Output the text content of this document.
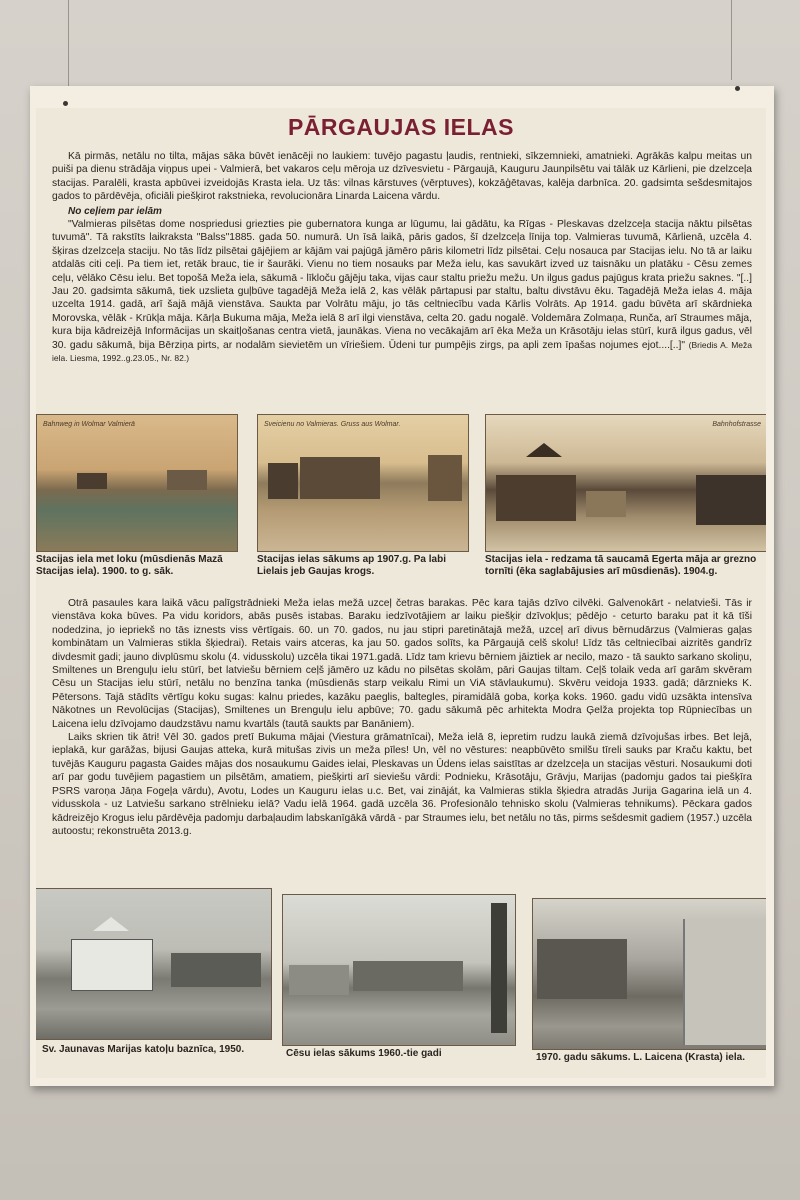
PĀRGAUJAS IELAS

Kā pirmās, netālu no tilta, mājas sāka būvēt ienācēji no laukiem: tuvējo pagastu ļaudis, rentnieki, sīkzemnieki, amatnieki. Agrākās kalpu meitas un puiši pa dienu strādāja viņpus upei - Valmierā, bet vakaros ceļu mēroja uz dzīvesvietu - Pārgaujā, Kauguru Jaunpilsētu vai tālāk uz Kārlieni, pie dzelzceļa stacijas. Paralēli, krasta apbūvei izveidojās Krasta iela. Uz tās: vilnas kārstuves (vērptuves), kokzāģētavas, kalēja darbnīca. 20. gadsimta sešdesmitajos gados to pārdēvēja, oficiāli piešķirot rakstnieka, revolucionāra Linarda Laicena vārdu.

No ceļiem par ielām

"Valmieras pilsētas dome nospriedusi griezties pie gubernatora kunga ar lūgumu, lai gādātu, ka Rīgas - Pleskavas dzelzceļa stacija nāktu pilsētas tuvumā". Tā rakstīts laikraksta "Balss"1885. gada 50. numurā. Un īsā laikā, pāris gados, šī dzelzceļa līnija top. Valmieras tuvumā, Kārlienā, uzcēla 4. šķiras dzelzceļa staciju. No tās līdz pilsētai gājējiem ar kājām vai pajūgā jāmēro pāris kilometri līdz pilsētai. Ceļu nosauca par Stacijas ielu. No tā ar laiku atdalās citi ceļi. Pa tiem iet, retāk brauc, tie ir šaurāki. Vienu no tiem nosauks par Meža ielu, kas savukārt izved uz taisnāku un platāku - Cēsu zemes ceļu, vēlāko Cēsu ielu. Bet topošā Meža iela, sākumā - līkloču gājēju taka, vijas caur staltu priežu mežu. Un ilgus gadus pajūgus krata priežu saknes. "[..] Jau 20. gadsimta sākumā, tiek uzslieta guļbūve tagadējā Meža ielā 2, kas vēlāk pārtapusi par staltu, baltu divstāvu ēku. Tagadējā Meža ielas 4. māja uzcelta 1914. gadā, arī šajā mājā vienstāva. Saukta par Volrātu māju, jo tās celtniecību vada Kārlis Volrāts. Ap 1914. gadu būvēta arī skārdnieka Morovska, vēlāk - Krūkļa māja. Kārļa Bukuma māja, Meža ielā 8 arī ilgi vienstāva, celta 20. gadu nogalē. Voldemāra Zolmaņa, Runča, arī Straumes māja, kura bija kādreizējā Informācijas un skaitļošanas centra vietā, jaunākas. Viena no vecākajām arī ēka Meža un Krāsotāju ielas stūrī, kurā ilgus gadus, vēl 30. gadu sākumā, bija Bērziņa pirts, ar nodalām sievietēm un vīriešiem. Ūdeni tur pumpējis zirgs, pa apli zem īpašas nojumes ejot....[..]" (Briedis A. Meža iela. Liesma, 1992..g.23.05., Nr. 82.)

Bahnweg in Wolmar Valmierā
Stacijas iela met loku (mūsdienās Mazā Stacijas iela). 1900. to g. sāk.
Sveicienu no Valmieras. Gruss aus Wolmar.
Stacijas ielas sākums ap 1907.g. Pa labi Lielais jeb Gaujas krogs.
Bahnhofstrasse
Stacijas iela - redzama tā saucamā Egerta māja ar grezno tornīti (ēka saglabājusies arī mūsdienās). 1904.g.

Otrā pasaules kara laikā vācu palīgstrādnieki Meža ielas mežā uzceļ četras barakas. Pēc kara tajās dzīvo cilvēki. Galvenokārt - nelatvieši. Tās ir vienstāva koka būves. Pa vidu koridors, abās pusēs istabas. Baraku iedzīvotājiem ar laiku piešķir dzīvokļus; pēdējo - ceturto baraku pat it kā tīši nodedzina, jo iepriekš no tās iznests viss vērtīgais. 60. un 70. gados, nu jau stipri paretinātajā mežā, uzceļ arī divus bērnudārzus (Valmieras gaļas kombinātam un Valmieras stikla šķiedrai). Retais vairs atceras, ka jau 50. gados solīts, ka Pārgaujā celš skolu! Līdz tās celtniecībai aizritēs gandrīz divdesmit gadi; jauno divplūsmu skolu (4. vidusskolu) uzcēla tikai 1971.gadā. Līdz tam krievu bērniem jāiztiek ar necilo, mazo - tā saukto sarkano skoliņu, Smiltenes un Brenguļu ielu stūrī, bet latviešu bērniem ceļš jāmēro uz kādu no pilsētas skolām, pāri Gaujas tiltam. Ceļš tolaik veda arī garām skvēram Cēsu un Stacijas ielu stūrī, netālu no benzīna tanka (mūsdienās starp veikalu Rimi un ViA stāvlaukumu). Skvēru veidoja 1933. gadā; dārznieks K. Pētersons. Tajā stādīts vērtīgu koku sugas: kalnu priedes, kazāku paeglis, baltegles, piramidālā goba, korķa koks. 1960. gadu vidū uzsākta intensīva Nākotnes un Revolūcijas (Stacijas), Smiltenes un Brenguļu ielu apbūve; 70. gadu sākumā pēc arhitekta Modra Ģelža projekta top Rūpniecības un Laicena ielu dzīvojamo daudzstāvu namu kvartāls (tautā saukts par Banāniem).

Laiks skrien tik ātri! Vēl 30. gados pretī Bukuma mājai (Viestura grāmatnīcai), Meža ielā 8, iepretim rudzu laukā ziemā dzīvojušas irbes. Bet lejā, ieplakā, kur garāžas, bijusi Gaujas atteka, kurā mitušas zivis un meža pīles! Un, vēl no vēstures: neapbūvēto smilšu tīreli sauks par Kraču kaktu, bet tuvējās Kauguru pagasta Gaides mājas dos nosaukumu Gaides ielai, Pleskavas un Ūdens ielas saistītas ar dzelzceļa un stacijas vēsturi. Nosaukumi doti arī par godu tuvējiem pagastiem un pilsētām, amatiem, piešķirti arī sieviešu vārdi: Podnieku, Krāsotāju, Grāvju, Marijas (padomju gados tai piešķīra PSRS varoņa Jāņa Fogeļa vārdu), Avotu, Lodes un Kauguru ielas u.c. Bet, vai zināját, ka Valmieras stikla šķiedra atradās Jurija Gagarina ielā un 4. vidusskola - uz Latviešu sarkano strēlnieku ielā? Vadu ielā 1964. gadā uzcēla 36. Profesionālo tehnisko skolu (Valmieras tehnikums). Pēckara gados kādreizējo Krogus ielu pārdēvēja padomju darbaļaudim labskanīgākā vārdā - par Straumes ielu, bet netālu no tās, pirms sešdesmit gadiem (1957.) uzcēla autoostu; rekonstruēta 2013.g.

Sv. Jaunavas Marijas katoļu baznīca, 1950.	Cēsu ielas sākums 1960.-tie gadi	1970. gadu sākums. L. Laicena (Krasta) iela.
